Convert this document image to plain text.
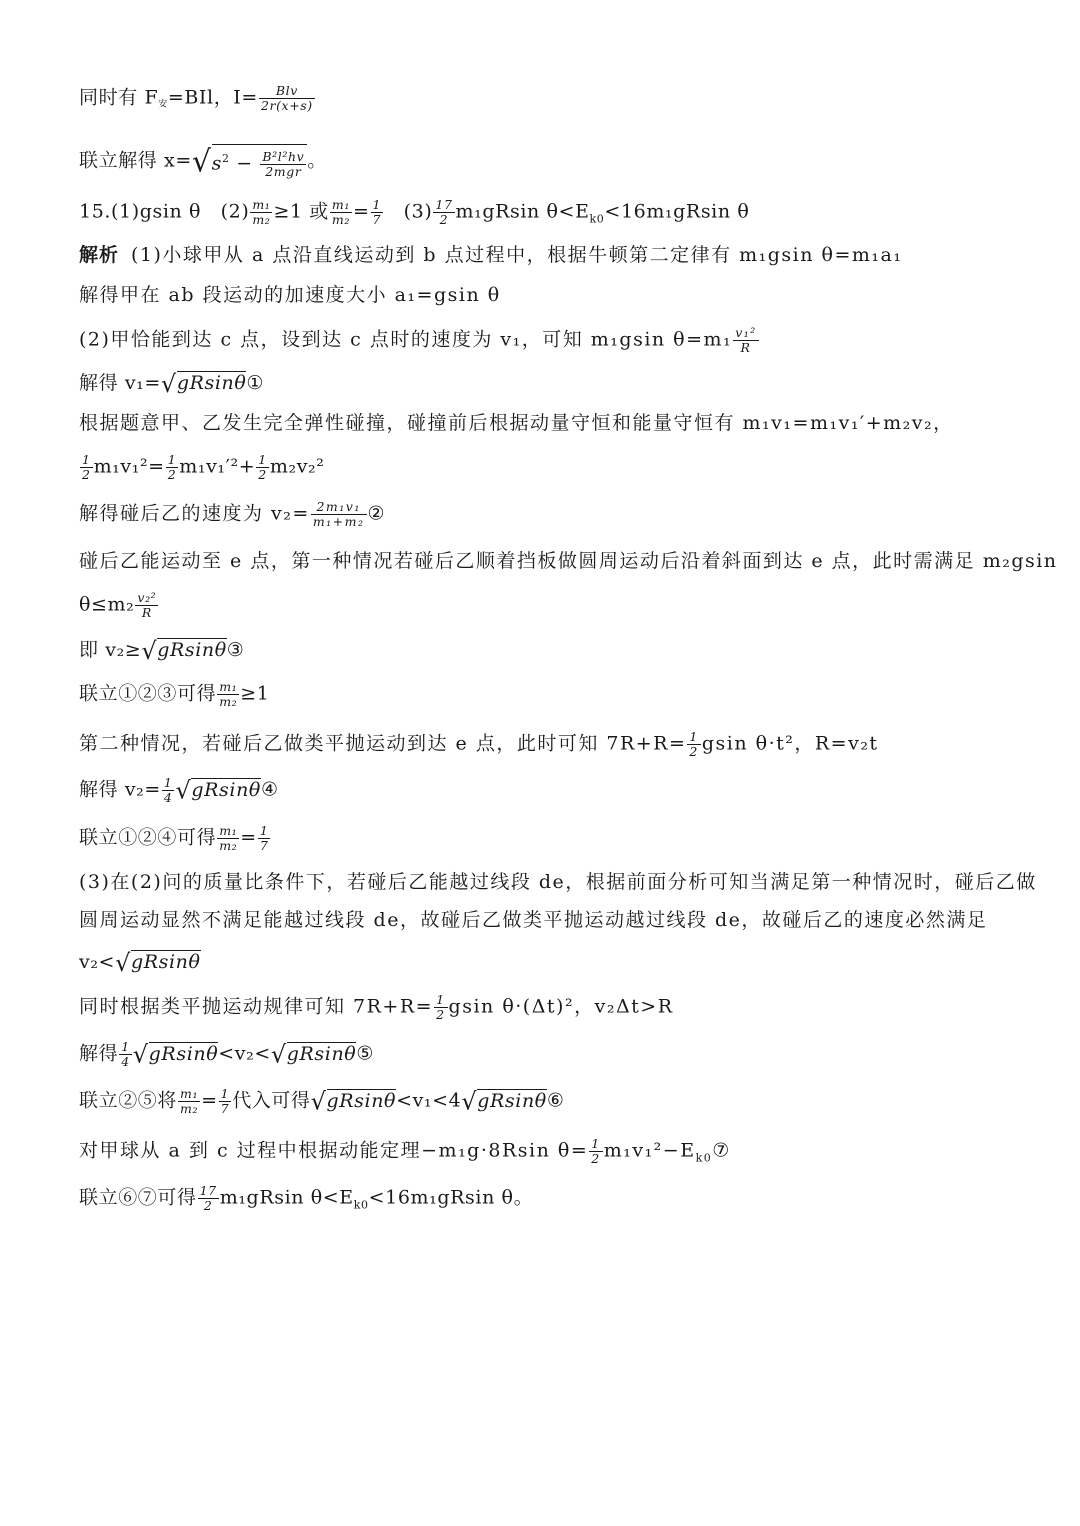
同时有 F安=BIl，I=	Blv
2r(x+s)
联立解得 $x=√s^2 - B^2l^2hv$
2mgr 。
15.(1)gsin θ　$(2) \frac{\text{m₁}}{\text{m₂}} \ge 1$ 或 $\frac{\text{m₁}}{\text{m₂}} = \frac{1}{7}$ 　$(3) \frac{17}{2} m_1gRsin$ $\theta<E_{k0}<16m_1gRsin$ θ
解析 (1)小球甲从 a 点沿直线运动到 b 点过程中，根据牛顿第二定律有 m₁gsin θ=m₁a₁
解得甲在 ab 段运动的加速度大小 a₁=gsin θ
(2)甲恰能到达 c 点，设到达 c 点时的速度为 v₁，可知 m₁gsin $\theta=m_1 \frac{\text{v₁²}}{R}$
解得 v₁=√gRsinθ①
根据题意甲、乙发生完全弹性碰撞，碰撞前后根据动量守恒和能量守恒有 m₁v₁=m₁v₁′+m₂v₂，
$\frac{1}{2} m_1v_1^2= \frac{1}{2} m_1v_1'^2+ \frac{1}{2} m_2v_2^2$
解得碰后乙的速度为 $v_2= \frac{\text{2m₁v₁}}{\text{m₁+m₂}}$ ②
碰后乙能运动至 e 点，第一种情况若碰后乙顺着挡板做圆周运动后沿着斜面到达 e 点，此时需满足 m₂gsin
$\theta\le m_2 \frac{\text{v₂²}}{R}$
即 v₂≥√gRsinθ③
联立①②③可得 $\frac{\text{m₁}}{\text{m₂}} \ge 1$
第二种情况，若碰后乙做类平抛运动到达 e 点，此时可知 $7R+R= \frac{1}{2}$ gsin θ·t²，R=v₂t
解得 $v_2= \frac{1}{4}$ √gRsinθ④
联立①②④可得 $\frac{\text{m₁}}{\text{m₂}} = \frac{1}{7}$
(3)在(2)问的质量比条件下，若碰后乙能越过线段 de，根据前面分析可知当满足第一种情况时，碰后乙做
圆周运动显然不满足能越过线段 de，故碰后乙做类平抛运动越过线段 de，故碰后乙的速度必然满足
v₂<√gRsinθ
同时根据类平抛运动规律可知 $7R+R= \frac{1}{2}$ gsin θ·(Δt)²，v₂Δt>R
解得 $\frac{1}{4}$ √gRsinθ<v₂<√gRsinθ⑤
联立②⑤将 $\frac{\text{m₁}}{\text{m₂}} = \frac{1}{7}$ 代入可得√gRsinθ<v₁<4√gRsinθ⑥
对甲球从 a 到 c 过程中根据动能定理−m₁g·8Rsin $\theta= \frac{1}{2}$ $m_1v_1^2-E_{k0}⑦$
联立⑥⑦可得 $\frac{17}{2} m_1gRsin$ $\theta<E_{k0}<16m_1gRsin$ θ。
